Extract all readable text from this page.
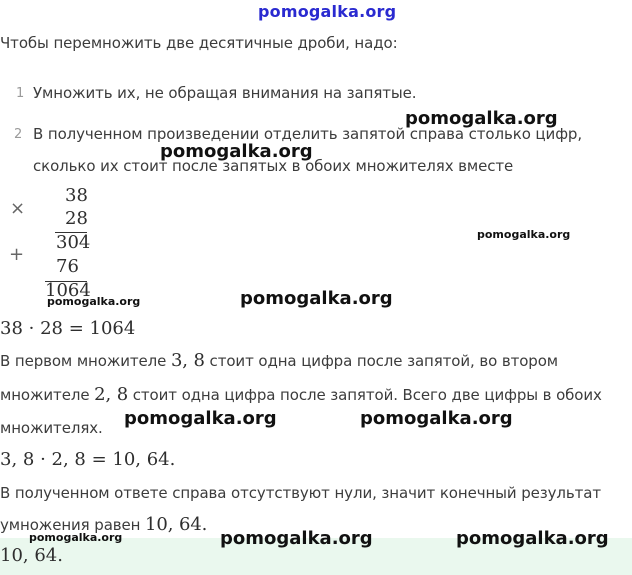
pomogalka.org
Чтобы перемножить две десятичные дроби, надо:
1 Умножить их, не обращая внимания на запятые.
2 В полученном произведении отделить запятой справа столько цифр,
сколько их стоит после запятых в обоих множителях вместе
×
+
38
28
304
76
1064
38 · 28 = 1064
В первом множителе 3, 8 стоит одна цифра после запятой, во втором
множителе 2, 8 стоит одна цифра после запятой. Всего две цифры в обоих
множителях.
3, 8 · 2, 8 = 10, 64.
В полученном ответе справа отсутствуют нули, значит конечный результат
умножения равен 10, 64.
10, 64.
pomogalka.org
pomogalka.org
pomogalka.org
pomogalka.org	pomogalka.org
pomogalka.org	pomogalka.org
pomogalka.org	pomogalka.org	pomogalka.org
